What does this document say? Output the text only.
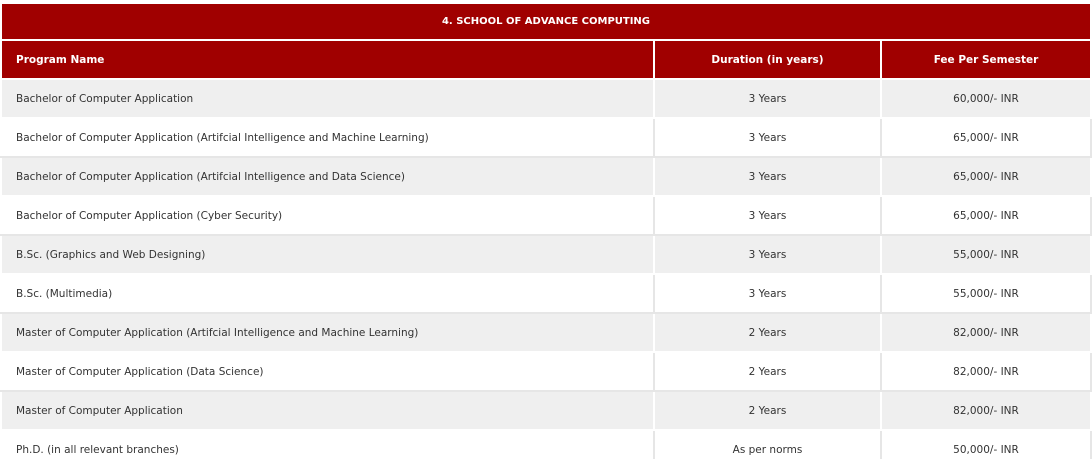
4. SCHOOL OF ADVANCE COMPUTING		
Program Name	Duration (in years)	Fee Per Semester
Bachelor of Computer Application	3 Years	60,000/- INR
Bachelor of Computer Application (Artifcial Intelligence and Machine Learning)	3 Years	65,000/- INR
Bachelor of Computer Application (Artifcial Intelligence and Data Science)	3 Years	65,000/- INR
Bachelor of Computer Application (Cyber Security)	3 Years	65,000/- INR
B.Sc. (Graphics and Web Designing)	3 Years	55,000/- INR
B.Sc. (Multimedia)	3 Years	55,000/- INR
Master of Computer Application (Artifcial Intelligence and Machine Learning)	2 Years	82,000/- INR
Master of Computer Application (Data Science)	2 Years	82,000/- INR
Master of Computer Application	2 Years	82,000/- INR
Ph.D. (in all relevant branches)	As per norms	50,000/- INR
